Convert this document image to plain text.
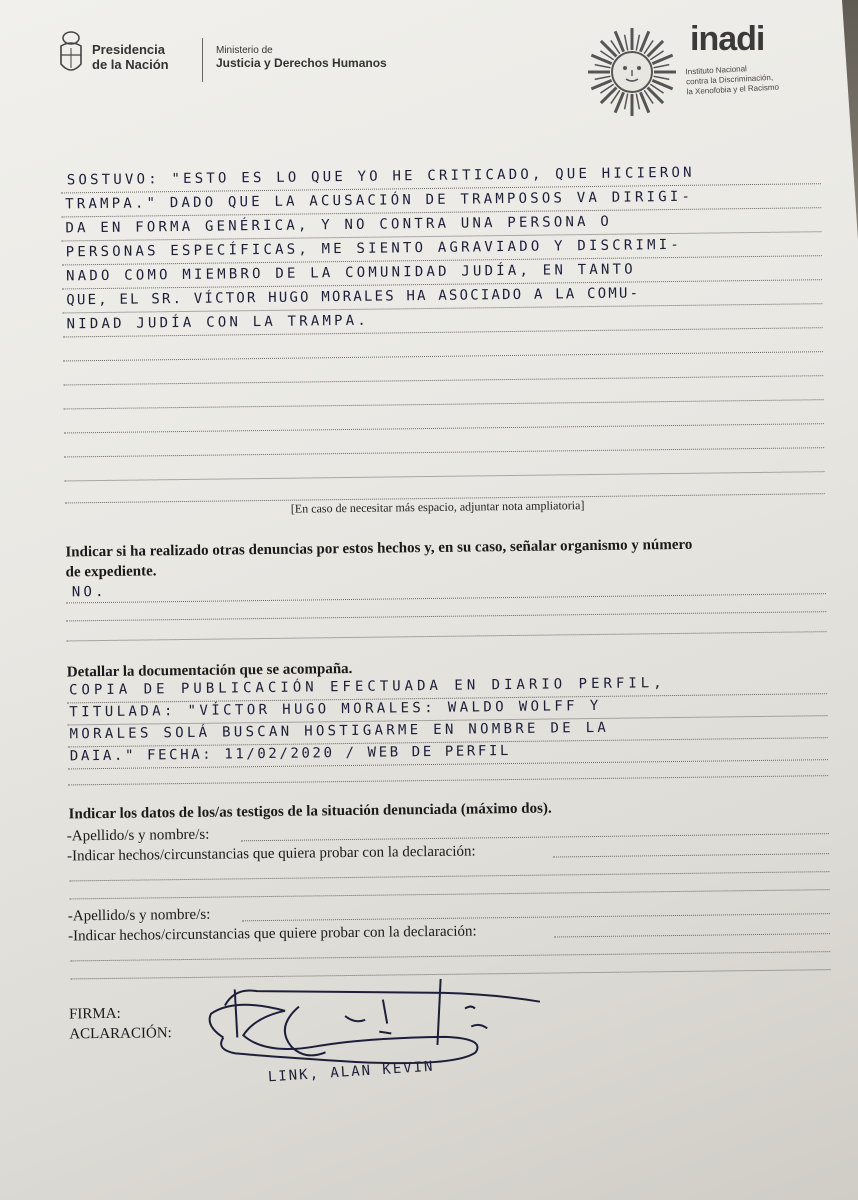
Presidencia
de la Nación
Ministerio de
Justicia y Derechos Humanos
inadi
Instituto Nacional
contra la Discriminación,
la Xenofobia y el Racismo
SOSTUVO: "ESTO ES LO QUE YO HE CRITICADO, QUE HICIERON
TRAMPA." DADO QUE LA ACUSACIÓN DE TRAMPOSOS VA DIRIGI-
DA EN FORMA GENÉRICA, Y NO CONTRA UNA PERSONA O
PERSONAS ESPECÍFICAS, ME SIENTO AGRAVIADO Y DISCRIMI-
NADO COMO MIEMBRO DE LA COMUNIDAD JUDÍA, EN TANTO
QUE, EL SR. VÍCTOR HUGO MORALES HA ASOCIADO A LA COMU-
NIDAD JUDÍA CON LA TRAMPA.
[En caso de necesitar más espacio, adjuntar nota ampliatoria]
Indicar si ha realizado otras denuncias por estos hechos y, en su caso, señalar organismo y número
de expediente.
NO.
Detallar la documentación que se acompaña.
COPIA DE PUBLICACIÓN EFECTUADA EN DIARIO PERFIL,
TITULADA: "VÍCTOR HUGO MORALES: WALDO WOLFF Y
MORALES SOLÁ BUSCAN HOSTIGARME EN NOMBRE DE LA
DAIA." FECHA: 11/02/2020 / WEB DE PERFIL
Indicar los datos de los/as testigos de la situación denunciada (máximo dos).
-Apellido/s y nombre/s:
-Indicar hechos/circunstancias que quiera probar con la declaración:
-Apellido/s y nombre/s:
-Indicar hechos/circunstancias que quiere probar con la declaración:
FIRMA:
ACLARACIÓN:
LINK, ALAN KEVIN
